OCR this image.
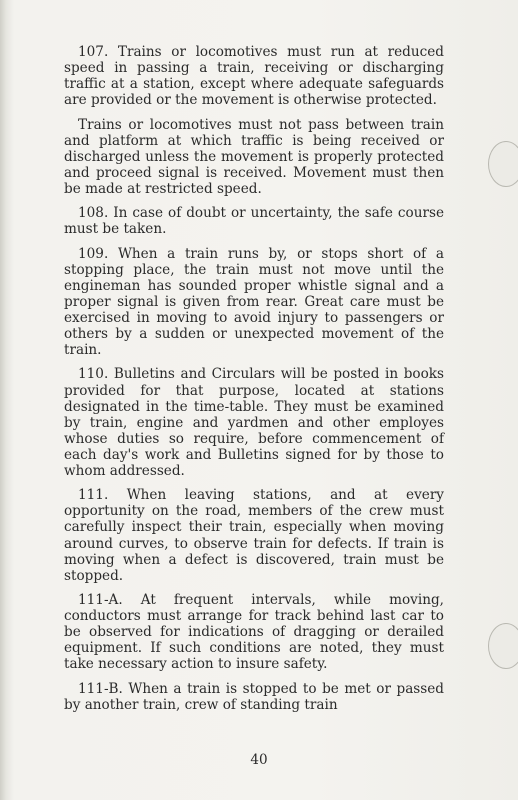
107. Trains or locomotives must run at reduced speed in passing a train, receiving or discharging traffic at a station, except where adequate safeguards are provided or the movement is otherwise protected.

Trains or locomotives must not pass between train and platform at which traffic is being received or discharged unless the movement is properly protected and proceed signal is received. Movement must then be made at restricted speed.

108. In case of doubt or uncertainty, the safe course must be taken.

109. When a train runs by, or stops short of a stopping place, the train must not move until the engineman has sounded proper whistle signal and a proper signal is given from rear. Great care must be exercised in moving to avoid injury to passengers or others by a sudden or unexpected movement of the train.

110. Bulletins and Circulars will be posted in books provided for that purpose, located at stations designated in the time-table. They must be examined by train, engine and yardmen and other employes whose duties so require, before commencement of each day's work and Bulletins signed for by those to whom addressed.

111. When leaving stations, and at every opportunity on the road, members of the crew must carefully inspect their train, especially when moving around curves, to observe train for defects. If train is moving when a defect is discovered, train must be stopped.

111-A. At frequent intervals, while moving, conductors must arrange for track behind last car to be observed for indications of dragging or derailed equipment. If such conditions are noted, they must take necessary action to insure safety.

111-B. When a train is stopped to be met or passed by another train, crew of standing train

40
